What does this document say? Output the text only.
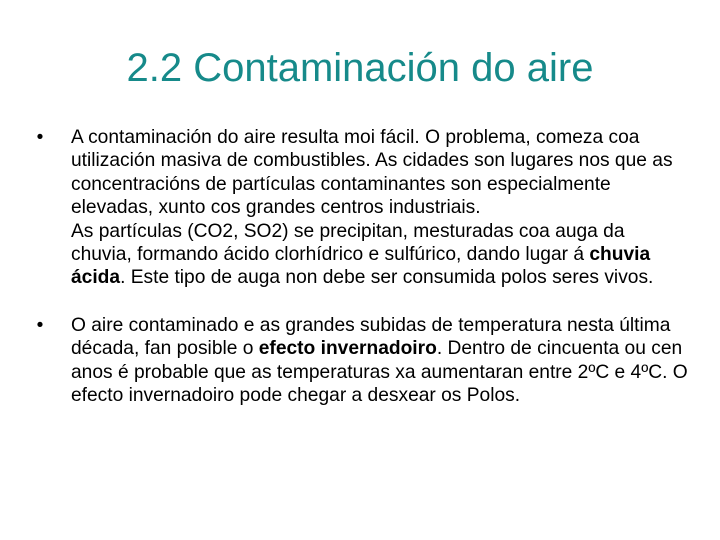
2.2 Contaminación do aire
•	A contaminación do aire resulta moi fácil. O problema, comeza coa utilización masiva de combustibles. As cidades son lugares nos que as concentracións de partículas contaminantes son especialmente elevadas, xunto cos grandes centros industriais.
As partículas (CO2, SO2) se precipitan, mesturadas coa auga da chuvia, formando ácido clorhídrico e sulfúrico, dando lugar á chuvia ácida. Este tipo de auga non debe ser consumida polos seres vivos.
•	O aire contaminado e as grandes subidas de temperatura nesta última década, fan posible o efecto invernadoiro. Dentro de cincuenta ou cen anos é probable que as temperaturas xa aumentaran entre 2ºC e 4ºC. O efecto invernadoiro pode chegar a desxear os Polos.
